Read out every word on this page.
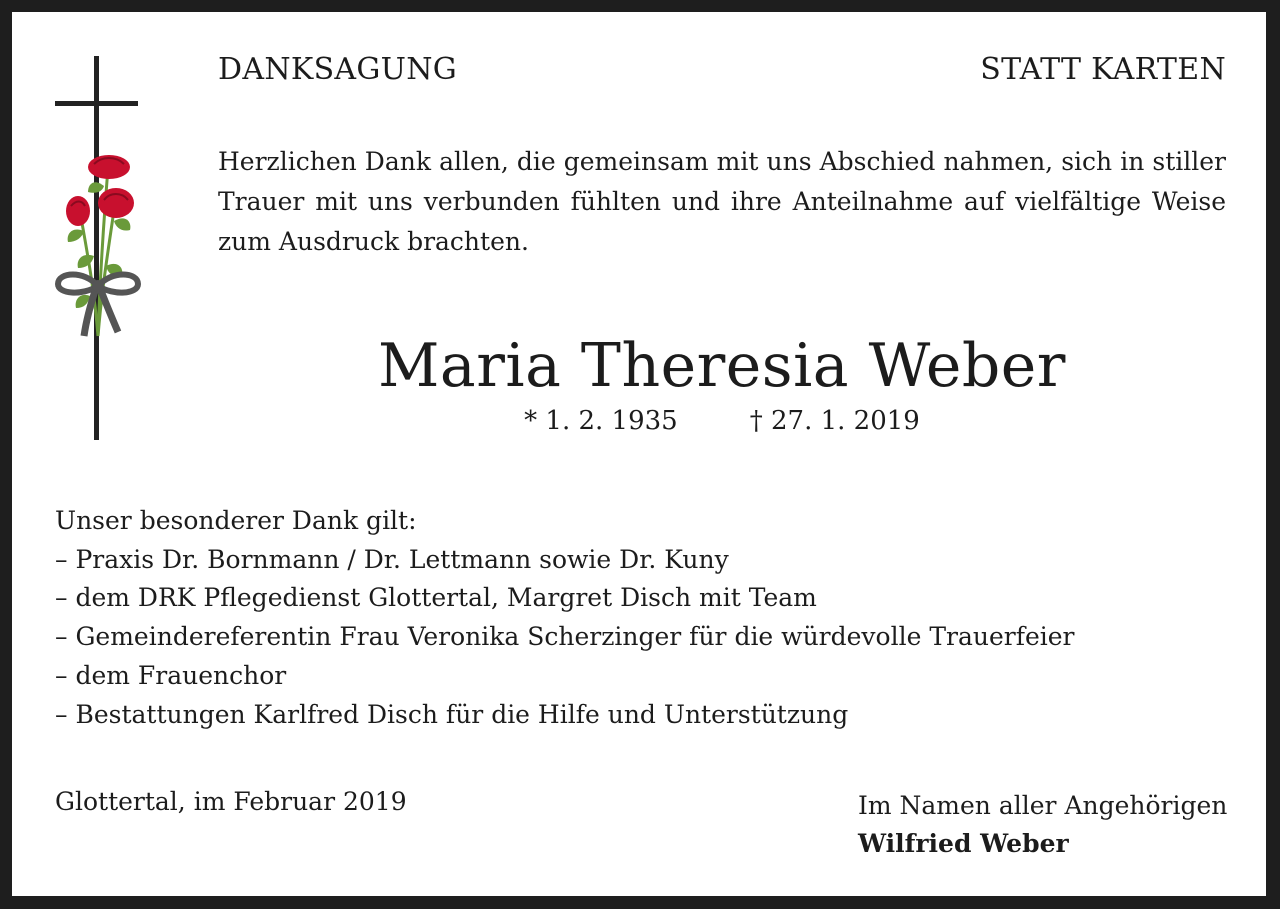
DANKSAGUNG	STATT KARTEN
Herzlichen Dank allen, die gemeinsam mit uns Abschied nahmen, sich in stiller Trauer mit uns verbunden fühlten und ihre Anteilnahme auf vielfältige Weise zum Ausdruck brachten.
Maria Theresia Weber
* 1. 2. 1935	† 27. 1. 2019
Unser besonderer Dank gilt:
– Praxis Dr. Bornmann / Dr. Lettmann sowie Dr. Kuny
– dem DRK Pflegedienst Glottertal, Margret Disch mit Team
– Gemeindereferentin Frau Veronika Scherzinger für die würdevolle Trauerfeier
– dem Frauenchor
– Bestattungen Karlfred Disch für die Hilfe und Unterstützung
Glottertal, im Februar 2019	Im Namen aller Angehörigen
Wilfried Weber
